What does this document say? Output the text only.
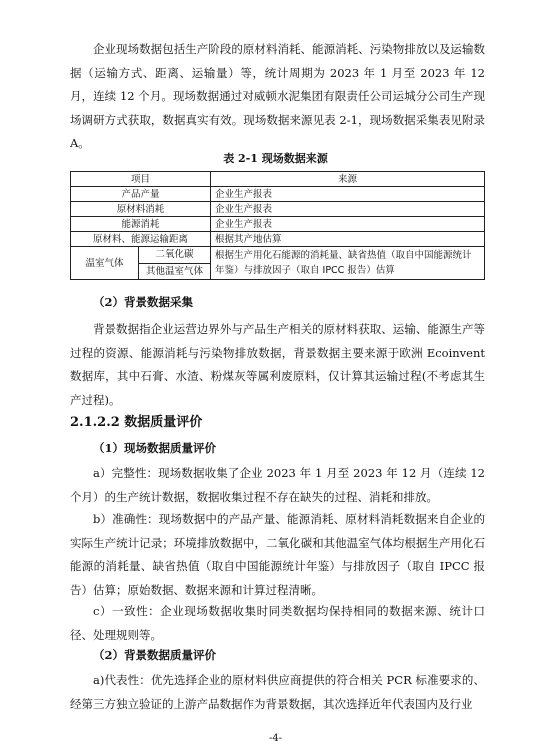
企业现场数据包括生产阶段的原材料消耗、能源消耗、污染物排放以及运输数据（运输方式、距离、运输量）等，统计周期为 2023 年 1 月至 2023 年 12 月，连续 12 个月。现场数据通过对威顿水泥集团有限责任公司运城分公司生产现场调研方式获取，数据真实有效。现场数据来源见表 2-1，现场数据采集表见附录 A。

表 2-1 现场数据来源

项目		来源
产品产量		企业生产报表
原材料消耗		企业生产报表
能源消耗		企业生产报表
原材料、能源运输距离		根据其产地估算
温室气体	二氧化碳	根据生产用化石能源的消耗量、缺省热值（取自中国能源统计年鉴）与排放因子（取自 IPCC 报告）估算
	其他温室气体	

（2）背景数据采集

背景数据指企业运营边界外与产品生产相关的原材料获取、运输、能源生产等过程的资源、能源消耗与污染物排放数据，背景数据主要来源于欧洲 Ecoinvent 数据库，其中石膏、水渣、粉煤灰等属利废原料，仅计算其运输过程(不考虑其生产过程)。

2.1.2.2 数据质量评价

（1）现场数据质量评价

a）完整性：现场数据收集了企业 2023 年 1 月至 2023 年 12 月（连续 12 个月）的生产统计数据，数据收集过程不存在缺失的过程、消耗和排放。

b）准确性：现场数据中的产品产量、能源消耗、原材料消耗数据来自企业的实际生产统计记录；环境排放数据中，二氧化碳和其他温室气体均根据生产用化石能源的消耗量、缺省热值（取自中国能源统计年鉴）与排放因子（取自 IPCC 报告）估算；原始数据、数据来源和计算过程清晰。

c）一致性：企业现场数据收集时同类数据均保持相同的数据来源、统计口径、处理规则等。

（2）背景数据质量评价

a)代表性：优先选择企业的原材料供应商提供的符合相关 PCR 标准要求的、经第三方独立验证的上游产品数据作为背景数据，其次选择近年代表国内及行业

-4-
